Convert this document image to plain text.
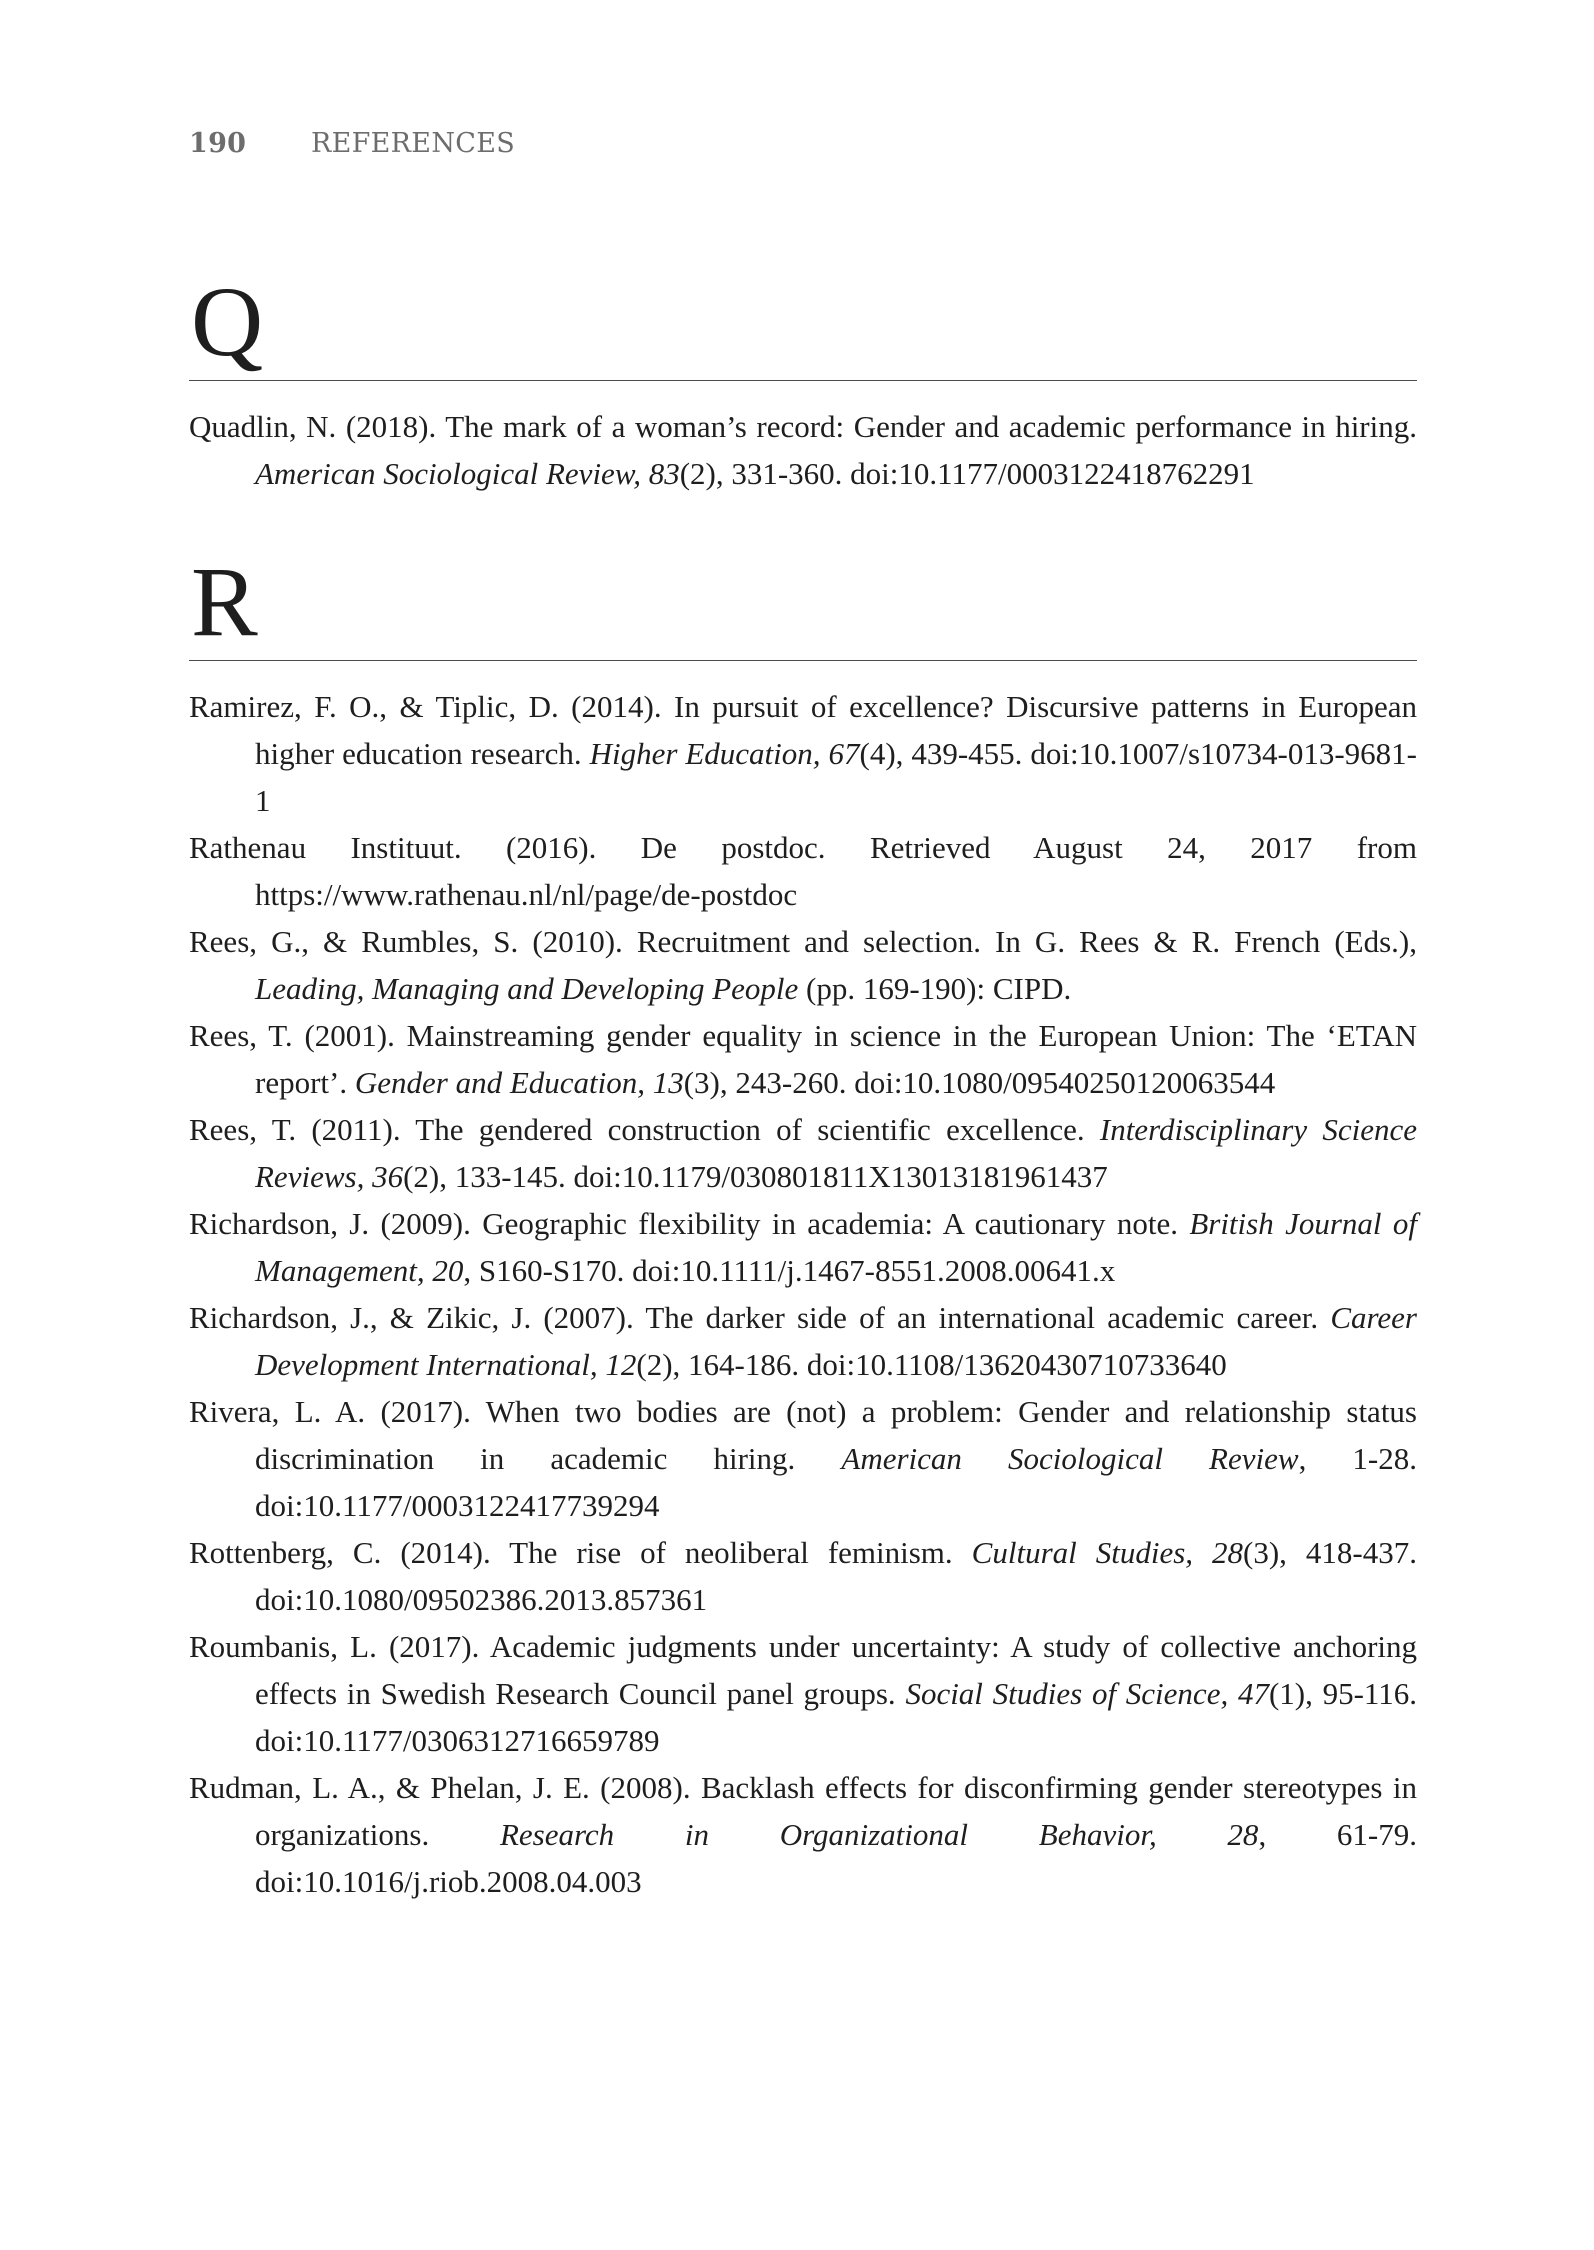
190 REFERENCES
Q
Quadlin, N. (2018). The mark of a woman’s record: Gender and academic performance in hiring. American Sociological Review, 83(2), 331-360. doi:10.1177/0003122418762291
R
Ramirez, F. O., & Tiplic, D. (2014). In pursuit of excellence? Discursive patterns in European higher education research. Higher Education, 67(4), 439-455. doi:10.1007/s10734-013-9681-1
Rathenau Instituut. (2016). De postdoc. Retrieved August 24, 2017 from https://www.rathenau.nl/nl/page/de-postdoc
Rees, G., & Rumbles, S. (2010). Recruitment and selection. In G. Rees & R. French (Eds.), Leading, Managing and Developing People (pp. 169-190): CIPD.
Rees, T. (2001). Mainstreaming gender equality in science in the European Union: The ‘ETAN report’. Gender and Education, 13(3), 243-260. doi:10.1080/09540250120063544
Rees, T. (2011). The gendered construction of scientific excellence. Interdisciplinary Science Reviews, 36(2), 133-145. doi:10.1179/030801811X13013181961437
Richardson, J. (2009). Geographic flexibility in academia: A cautionary note. British Journal of Management, 20, S160-S170. doi:10.1111/j.1467-8551.2008.00641.x
Richardson, J., & Zikic, J. (2007). The darker side of an international academic career. Career Development International, 12(2), 164-186. doi:10.1108/13620430710733640
Rivera, L. A. (2017). When two bodies are (not) a problem: Gender and relationship status discrimination in academic hiring. American Sociological Review, 1-28. doi:10.1177/0003122417739294
Rottenberg, C. (2014). The rise of neoliberal feminism. Cultural Studies, 28(3), 418-437. doi:10.1080/09502386.2013.857361
Roumbanis, L. (2017). Academic judgments under uncertainty: A study of collective anchoring effects in Swedish Research Council panel groups. Social Studies of Science, 47(1), 95-116. doi:10.1177/0306312716659789
Rudman, L. A., & Phelan, J. E. (2008). Backlash effects for disconfirming gender stereotypes in organizations. Research in Organizational Behavior, 28, 61-79. doi:10.1016/j.riob.2008.04.003
